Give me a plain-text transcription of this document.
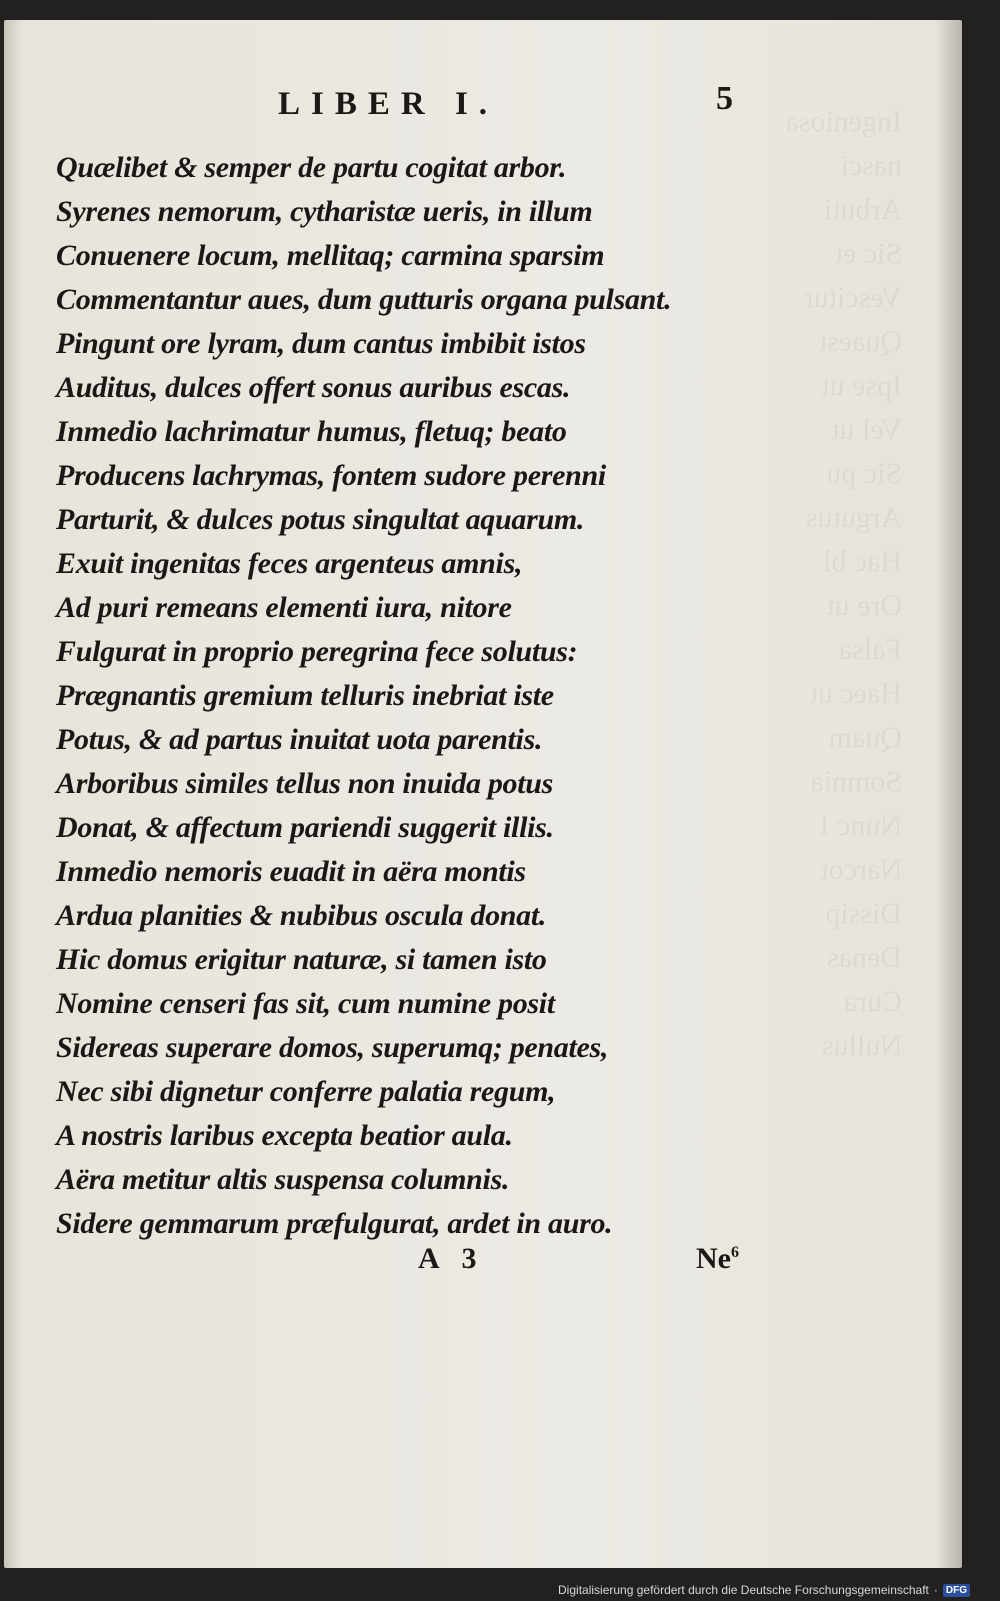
Ingeniosa
nasci
Arbuti
Sic et
Vescitur
Quaest
Ipse ut
Vel ut
Sic pu
Argutus
Hac bl
Ore ut
Falsa
Haec ut
Quam
Somnia
Nunc I
Narcot
Dissip
Denas
Cura
Nullus
LIBER I.	5
Quælibet & semper de partu cogitat arbor.
Syrenes nemorum, cytharistæ ueris, in illum
Conuenere locum, mellitaq; carmina sparsim
Commentantur aues, dum gutturis organa pulsant.
Pingunt ore lyram, dum cantus imbibit istos
Auditus, dulces offert sonus auribus escas.
Inmedio lachrimatur humus, fletuq; beato
Producens lachrymas, fontem sudore perenni
Parturit, & dulces potus singultat aquarum.
Exuit ingenitas feces argenteus amnis,
Ad puri remeans elementi iura, nitore
Fulgurat in proprio peregrina fece solutus:
Prægnantis gremium telluris inebriat iste
Potus, & ad partus inuitat uota parentis.
Arboribus similes tellus non inuida potus
Donat, & affectum pariendi suggerit illis.
Inmedio nemoris euadit in aëra montis
Ardua planities & nubibus oscula donat.
Hic domus erigitur naturæ, si tamen isto
Nomine censeri fas sit, cum numine posit
Sidereas superare domos, superumq; penates,
Nec sibi dignetur conferre palatia regum,
A nostris laribus excepta beatior aula.
Aëra metitur altis suspensa columnis.
Sidere gemmarum præfulgurat, ardet in auro.
A 3	Ne$^6$
Digitalisierung gefördert durch die Deutsche Forschungsgemeinschaft · DFG
